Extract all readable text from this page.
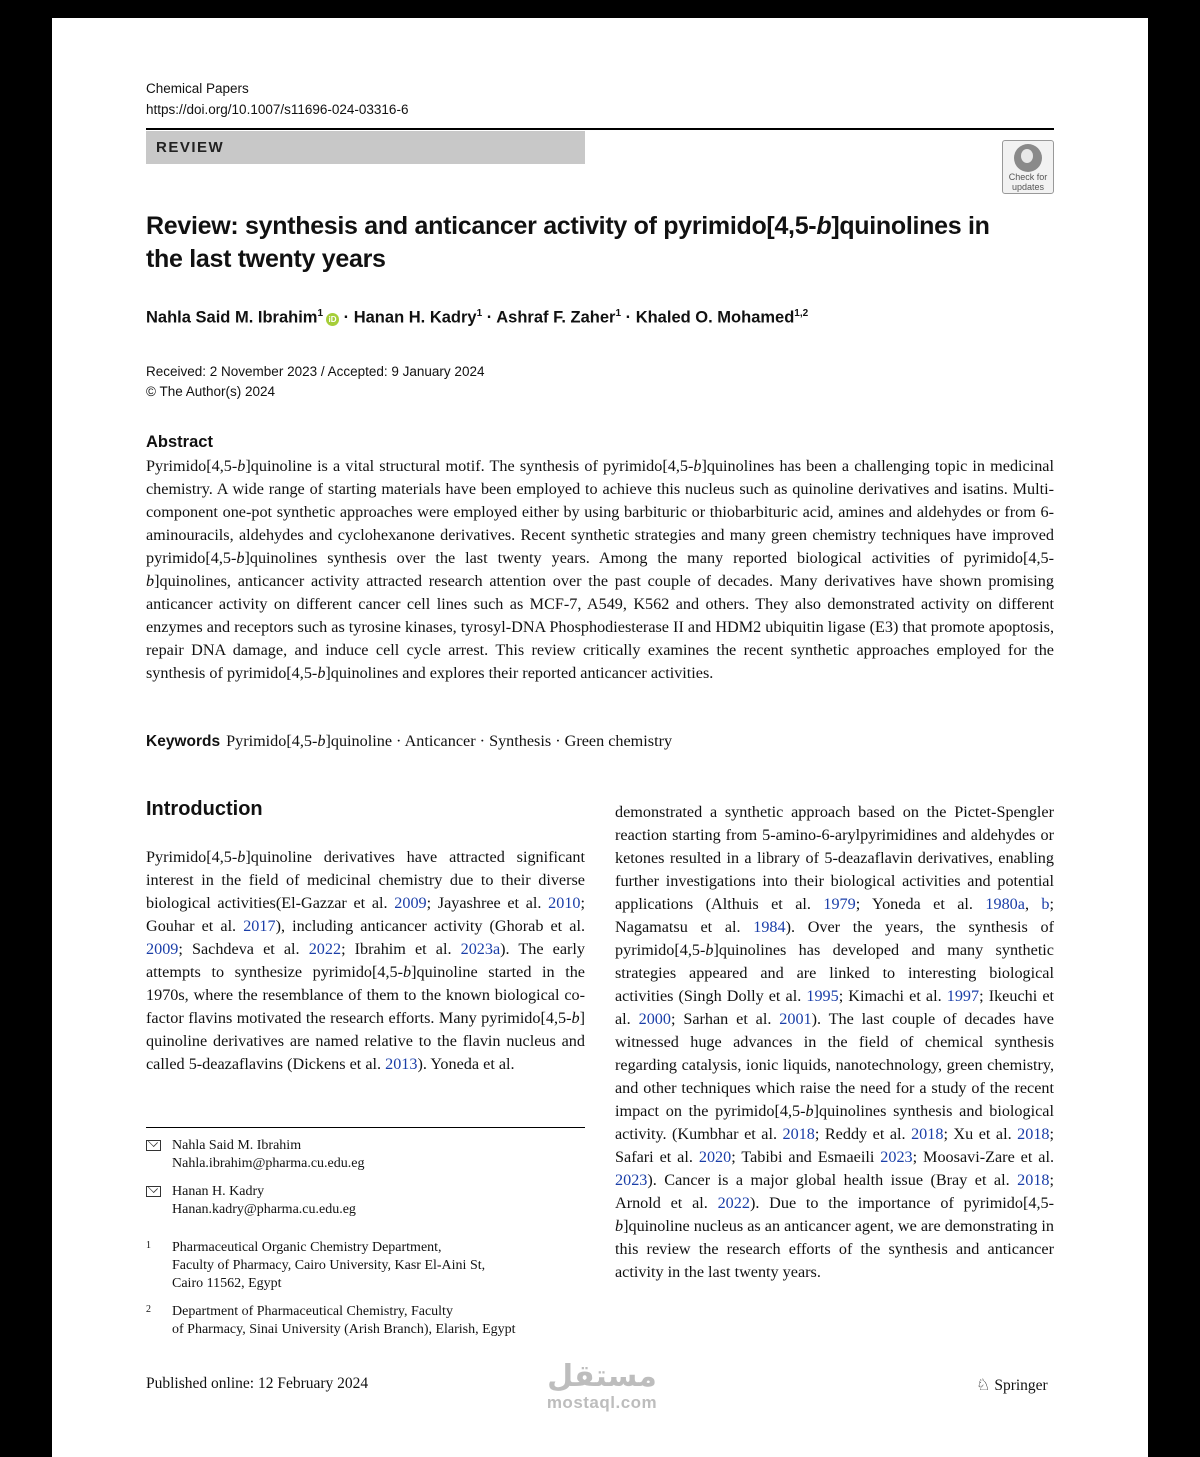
Chemical Papers
https://doi.org/10.1007/s11696-024-03316-6
REVIEW
Check for
updates
Review: synthesis and anticancer activity of pyrimido[4,5-b]quinolines in the last twenty years
Nahla Said M. Ibrahim$^1$ iD · Hanan H. Kadry$^1$ · Ashraf F. Zaher$^1$ · Khaled O. Mohamed$^{1,2}$
Received: 2 November 2023 / Accepted: 9 January 2024
© The Author(s) 2024
Abstract
Pyrimido[4,5-b]quinoline is a vital structural motif. The synthesis of pyrimido[4,5-b]quinolines has been a challenging topic in medicinal chemistry. A wide range of starting materials have been employed to achieve this nucleus such as quinoline derivatives and isatins. Multi-component one-pot synthetic approaches were employed either by using barbituric or thiobarbituric acid, amines and aldehydes or from 6-aminouracils, aldehydes and cyclohexanone derivatives. Recent synthetic strategies and many green chemistry techniques have improved pyrimido[4,5-b]quinolines synthesis over the last twenty years. Among the many reported biological activities of pyrimido[4,5-b]quinolines, anticancer activity attracted research attention over the past couple of decades. Many derivatives have shown promising anticancer activity on different cancer cell lines such as MCF-7, A549, K562 and others. They also demonstrated activity on different enzymes and receptors such as tyrosine kinases, tyrosyl-DNA Phosphodiesterase II and HDM2 ubiquitin ligase (E3) that promote apoptosis, repair DNA damage, and induce cell cycle arrest. This review critically examines the recent synthetic approaches employed for the synthesis of pyrimido[4,5-b]quinolines and explores their reported anticancer activities.
Keywords Pyrimido[4,5-b]quinoline · Anticancer · Synthesis · Green chemistry
Introduction
Pyrimido[4,5-b]quinoline derivatives have attracted significant interest in the field of medicinal chemistry due to their diverse biological activities(El-Gazzar et al. 2009; Jayashree et al. 2010; Gouhar et al. 2017), including anticancer activity (Ghorab et al. 2009; Sachdeva et al. 2022; Ibrahim et al. 2023a). The early attempts to synthesize pyrimido[4,5-b]quinoline started in the 1970s, where the resemblance of them to the known biological co-factor flavins motivated the research efforts. Many pyrimido[4,5-b] quinoline derivatives are named relative to the flavin nucleus and called 5-deazaflavins (Dickens et al. 2013). Yoneda et al.
demonstrated a synthetic approach based on the Pictet-Spengler reaction starting from 5-amino-6-arylpyrimidines and aldehydes or ketones resulted in a library of 5-deazaflavin derivatives, enabling further investigations into their biological activities and potential applications (Althuis et al. 1979; Yoneda et al. 1980a, b; Nagamatsu et al. 1984). Over the years, the synthesis of pyrimido[4,5-b]quinolines has developed and many synthetic strategies appeared and are linked to interesting biological activities (Singh Dolly et al. 1995; Kimachi et al. 1997; Ikeuchi et al. 2000; Sarhan et al. 2001). The last couple of decades have witnessed huge advances in the field of chemical synthesis regarding catalysis, ionic liquids, nanotechnology, green chemistry, and other techniques which raise the need for a study of the recent impact on the pyrimido[4,5-b]quinolines synthesis and biological activity. (Kumbhar et al. 2018; Reddy et al. 2018; Xu et al. 2018; Safari et al. 2020; Tabibi and Esmaeili 2023; Moosavi-Zare et al. 2023). Cancer is a major global health issue (Bray et al. 2018; Arnold et al. 2022). Due to the importance of pyrimido[4,5-b]quinoline nucleus as an anticancer agent, we are demonstrating in this review the research efforts of the synthesis and anticancer activity in the last twenty years.
Nahla Said M. Ibrahim
Nahla.ibrahim@pharma.cu.edu.eg
Hanan H. Kadry
Hanan.kadry@pharma.cu.edu.eg
1 Pharmaceutical Organic Chemistry Department,
Faculty of Pharmacy, Cairo University, Kasr El-Aini St,
Cairo 11562, Egypt
2 Department of Pharmaceutical Chemistry, Faculty
of Pharmacy, Sinai University (Arish Branch), Elarish, Egypt
Published online: 12 February 2024	مستقل
mostaql.com
♘ Springer
